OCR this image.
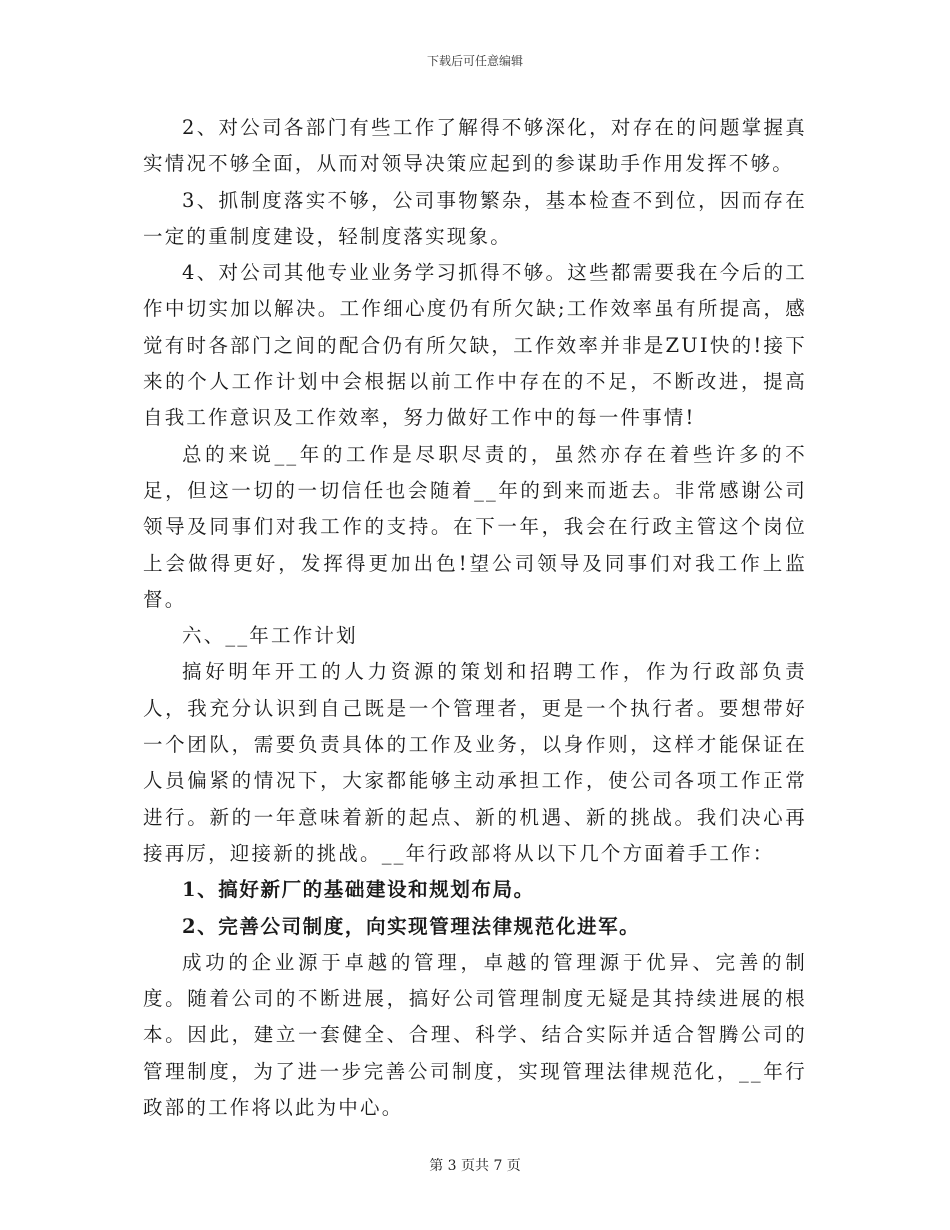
下载后可任意编辑

2、对公司各部门有些工作了解得不够深化，对存在的问题掌握真实情况不够全面，从而对领导决策应起到的参谋助手作用发挥不够。

3、抓制度落实不够，公司事物繁杂，基本检查不到位，因而存在一定的重制度建设，轻制度落实现象。

4、对公司其他专业业务学习抓得不够。这些都需要我在今后的工作中切实加以解决。工作细心度仍有所欠缺;工作效率虽有所提高，感觉有时各部门之间的配合仍有所欠缺，工作效率并非是ZUI快的!接下来的个人工作计划中会根据以前工作中存在的不足，不断改进，提高自我工作意识及工作效率，努力做好工作中的每一件事情!

总的来说__年的工作是尽职尽责的，虽然亦存在着些许多的不足，但这一切的一切信任也会随着__年的到来而逝去。非常感谢公司领导及同事们对我工作的支持。在下一年，我会在行政主管这个岗位上会做得更好，发挥得更加出色!望公司领导及同事们对我工作上监督。

六、__年工作计划

搞好明年开工的人力资源的策划和招聘工作，作为行政部负责人，我充分认识到自己既是一个管理者，更是一个执行者。要想带好一个团队，需要负责具体的工作及业务，以身作则，这样才能保证在人员偏紧的情况下，大家都能够主动承担工作，使公司各项工作正常进行。新的一年意味着新的起点、新的机遇、新的挑战。我们决心再接再厉，迎接新的挑战。__年行政部将从以下几个方面着手工作：

1、搞好新厂的基础建设和规划布局。

2、完善公司制度，向实现管理法律规范化进军。

成功的企业源于卓越的管理，卓越的管理源于优异、完善的制度。随着公司的不断进展，搞好公司管理制度无疑是其持续进展的根本。因此，建立一套健全、合理、科学、结合实际并适合智腾公司的管理制度，为了进一步完善公司制度，实现管理法律规范化，__年行政部的工作将以此为中心。

第 3 页共 7 页
